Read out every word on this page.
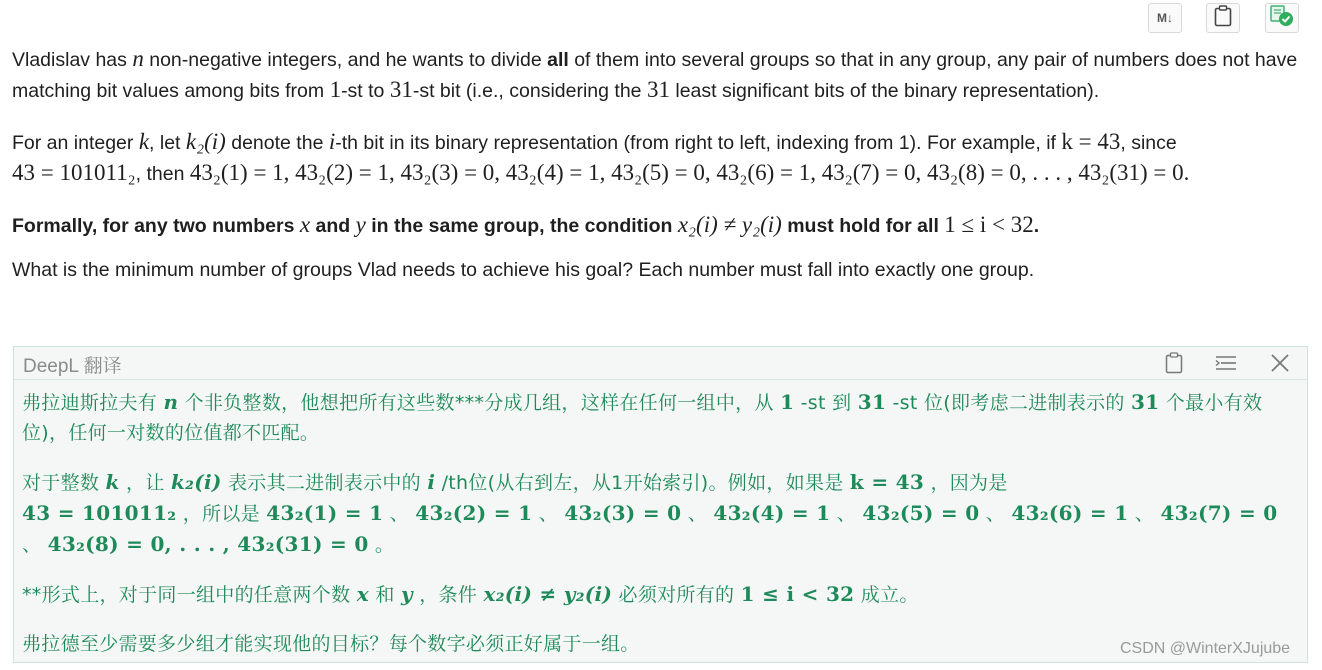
M↓

Vladislav has n non-negative integers, and he wants to divide all of them into several groups so that in any group, any pair of numbers does not have matching bit values among bits from 1-st to 31-st bit (i.e., considering the 31 least significant bits of the binary representation).

For an integer k, let k₂(i) denote the i-th bit in its binary representation (from right to left, indexing from 1). For example, if k = 43, since 43 = 101011₂, then 43₂(1) = 1, 43₂(2) = 1, 43₂(3) = 0, 43₂(4) = 1, 43₂(5) = 0, 43₂(6) = 1, 43₂(7) = 0, 43₂(8) = 0, . . . , 43₂(31) = 0.

Formally, for any two numbers x and y in the same group, the condition x₂(i) ≠ y₂(i) must hold for all 1 ≤ i < 32.

What is the minimum number of groups Vlad needs to achieve his goal? Each number must fall into exactly one group.

DeepL 翻译

弗拉迪斯拉夫有 n 个非负整数，他想把所有这些数***分成几组，这样在任何一组中，从 1 -st 到 31 -st 位(即考虑二进制表示的 31 个最小有效位)，任何一对数的位值都不匹配。

对于整数 k ，让 k₂(i) 表示其二进制表示中的 i /th位(从右到左，从1开始索引)。例如，如果是 k = 43 ，因为是
43 = 101011₂ ，所以是 43₂(1) = 1 、 43₂(2) = 1 、 43₂(3) = 0 、 43₂(4) = 1 、 43₂(5) = 0 、 43₂(6) = 1 、 43₂(7) = 0 、 43₂(8) = 0, . . . , 43₂(31) = 0 。

**形式上，对于同一组中的任意两个数 x 和 y ，条件 x₂(i) ≠ y₂(i) 必须对所有的 1 ≤ i < 32 成立。

弗拉德至少需要多少组才能实现他的目标？每个数字必须正好属于一组。	CSDN @WinterXJujube
